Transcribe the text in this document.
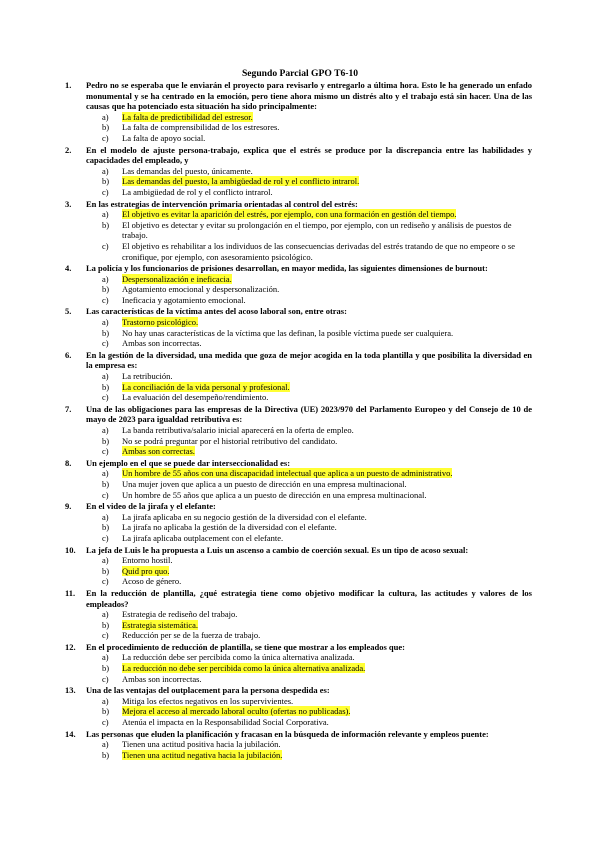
Segundo Parcial GPO T6-10
1. Pedro no se esperaba que le enviarán el proyecto para revisarlo y entregarlo a última hora. Esto le ha generado un enfado monumental y se ha centrado en la emoción, pero tiene ahora mismo un distrés alto y el trabajo está sin hacer. Una de las causas que ha potenciado esta situación ha sido principalmente:
a) La falta de predictibilidad del estresor.
b) La falta de comprensibilidad de los estresores.
c) La falta de apoyo social.
2. En el modelo de ajuste persona-trabajo, explica que el estrés se produce por la discrepancia entre las habilidades y capacidades del empleado, y
a) Las demandas del puesto, únicamente.
b) Las demandas del puesto, la ambigüedad de rol y el conflicto intrarol.
c) La ambigüedad de rol y el conflicto intrarol.
3. En las estrategias de intervención primaria orientadas al control del estrés:
a) El objetivo es evitar la aparición del estrés, por ejemplo, con una formación en gestión del tiempo.
b) El objetivo es detectar y evitar su prolongación en el tiempo, por ejemplo, con un rediseño y análisis de puestos de trabajo.
c) El objetivo es rehabilitar a los individuos de las consecuencias derivadas del estrés tratando de que no empeore o se cronifique, por ejemplo, con asesoramiento psicológico.
4. La policía y los funcionarios de prisiones desarrollan, en mayor medida, las siguientes dimensiones de burnout:
a) Despersonalización e ineficacia.
b) Agotamiento emocional y despersonalización.
c) Ineficacia y agotamiento emocional.
5. Las características de la víctima antes del acoso laboral son, entre otras:
a) Trastorno psicológico.
b) No hay unas características de la víctima que las definan, la posible víctima puede ser cualquiera.
c) Ambas son incorrectas.
6. En la gestión de la diversidad, una medida que goza de mejor acogida en la toda plantilla y que posibilita la diversidad en la empresa es:
a) La retribución.
b) La conciliación de la vida personal y profesional.
c) La evaluación del desempeño/rendimiento.
7. Una de las obligaciones para las empresas de la Directiva (UE) 2023/970 del Parlamento Europeo y del Consejo de 10 de mayo de 2023 para igualdad retributiva es:
a) La banda retributiva/salario inicial aparecerá en la oferta de empleo.
b) No se podrá preguntar por el historial retributivo del candidato.
c) Ambas son correctas.
8. Un ejemplo en el que se puede dar interseccionalidad es:
a) Un hombre de 55 años con una discapacidad intelectual que aplica a un puesto de administrativo.
b) Una mujer joven que aplica a un puesto de dirección en una empresa multinacional.
c) Un hombre de 55 años que aplica a un puesto de dirección en una empresa multinacional.
9. En el video de la jirafa y el elefante:
a) La jirafa aplicaba en su negocio gestión de la diversidad con el elefante.
b) La jirafa no aplicaba la gestión de la diversidad con el elefante.
c) La jirafa aplicaba outplacement con el elefante.
10. La jefa de Luis le ha propuesta a Luis un ascenso a cambio de coerción sexual. Es un tipo de acoso sexual:
a) Entorno hostil.
b) Quid pro quo.
c) Acoso de género.
11. En la reducción de plantilla, ¿qué estrategia tiene como objetivo modificar la cultura, las actitudes y valores de los empleados?
a) Estrategia de rediseño del trabajo.
b) Estrategia sistemática.
c) Reducción per se de la fuerza de trabajo.
12. En el procedimiento de reducción de plantilla, se tiene que mostrar a los empleados que:
a) La reducción debe ser percibida como la única alternativa analizada.
b) La reducción no debe ser percibida como la única alternativa analizada.
c) Ambas son incorrectas.
13. Una de las ventajas del outplacement para la persona despedida es:
a) Mitiga los efectos negativos en los supervivientes.
b) Mejora el acceso al mercado laboral oculto (ofertas no publicadas).
c) Atenúa el impacta en la Responsabilidad Social Corporativa.
14. Las personas que eluden la planificación y fracasan en la búsqueda de información relevante y empleos puente:
a) Tienen una actitud positiva hacia la jubilación.
b) Tienen una actitud negativa hacia la jubilación.
